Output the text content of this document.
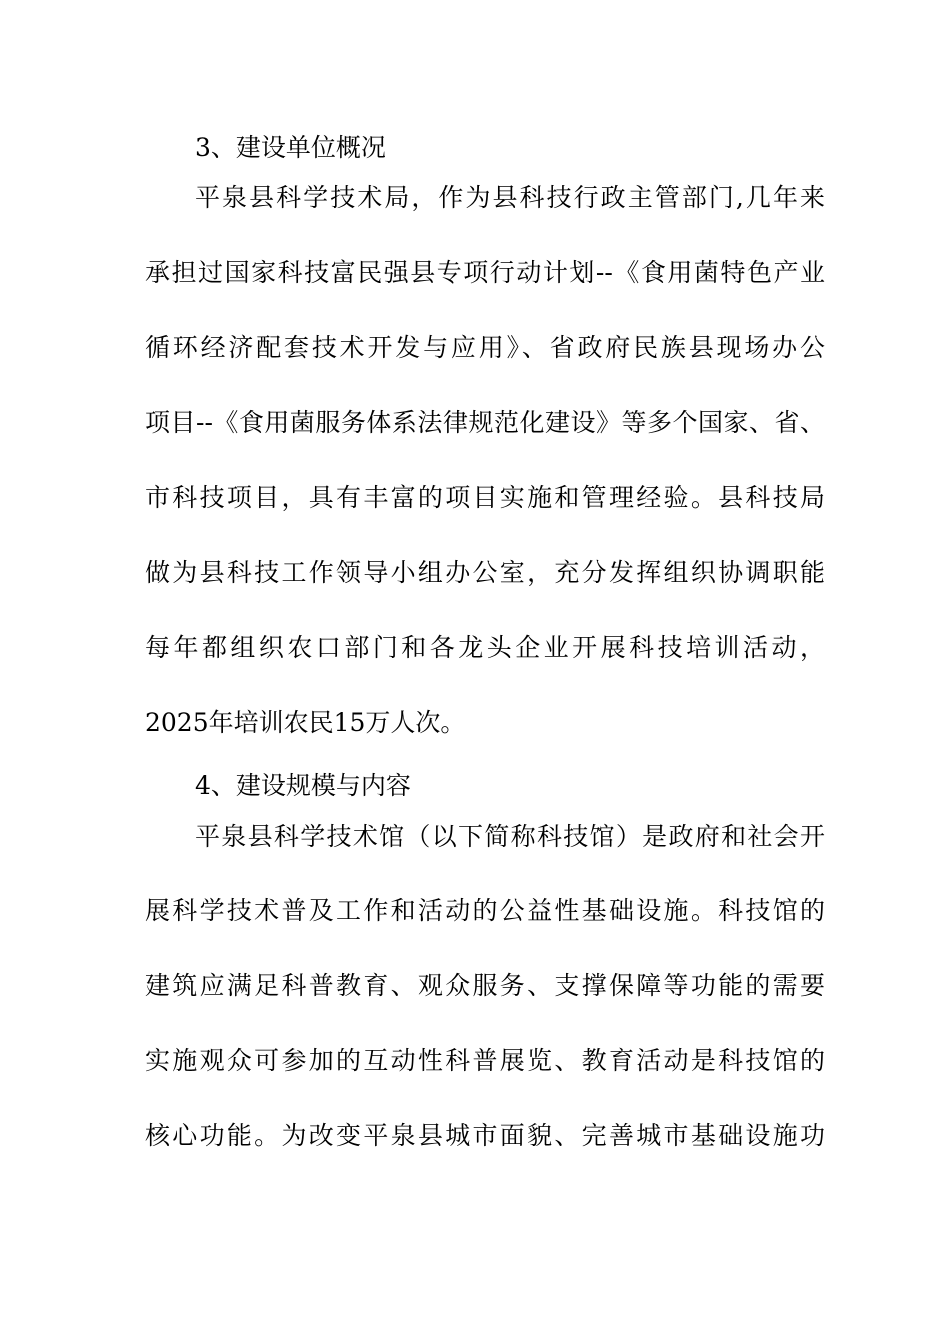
3、建设单位概况
平泉县科学技术局，作为县科技行政主管部门,几年来
承担过国家科技富民强县专项行动计划--《食用菌特色产业
循环经济配套技术开发与应用》、省政府民族县现场办公
项目--《食用菌服务体系法律规范化建设》等多个国家、省、
市科技项目，具有丰富的项目实施和管理经验。县科技局
做为县科技工作领导小组办公室，充分发挥组织协调职能
每年都组织农口部门和各龙头企业开展科技培训活动，
2025年培训农民15万人次。
4、建设规模与内容
平泉县科学技术馆（以下简称科技馆）是政府和社会开
展科学技术普及工作和活动的公益性基础设施。科技馆的
建筑应满足科普教育、观众服务、支撑保障等功能的需要
实施观众可参加的互动性科普展览、教育活动是科技馆的
核心功能。为改变平泉县城市面貌、完善城市基础设施功
